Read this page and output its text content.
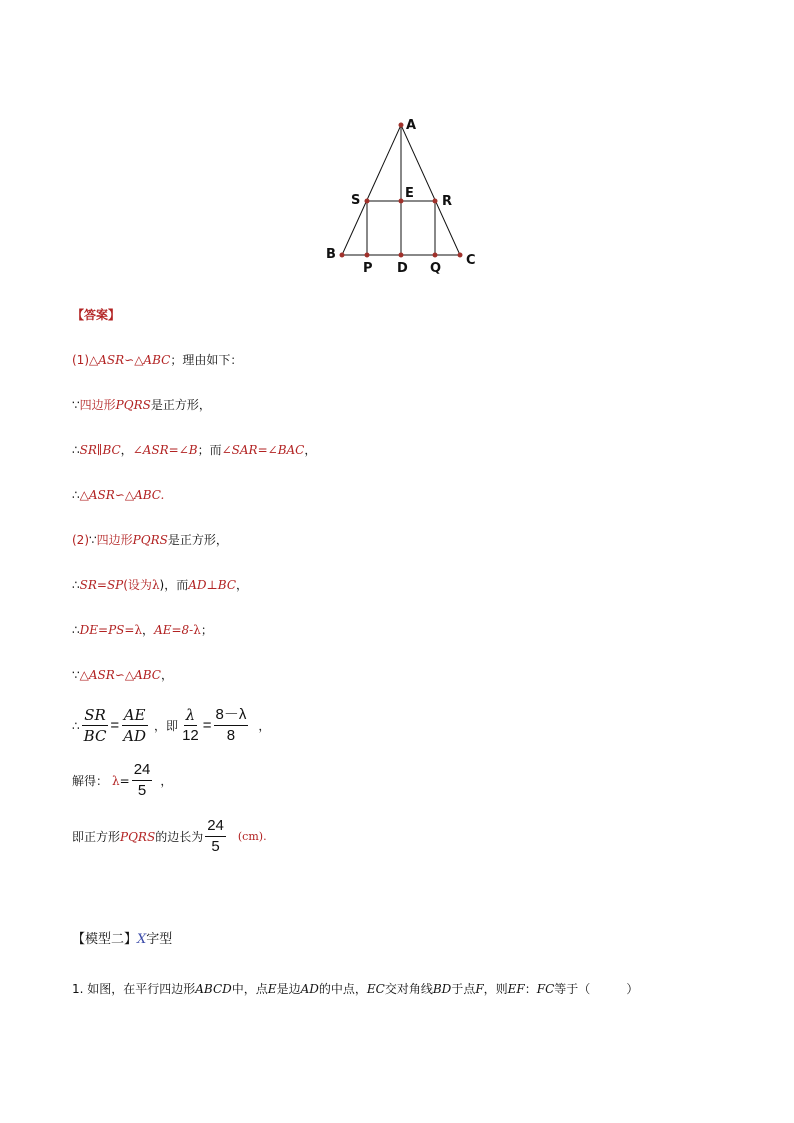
A
S	E
R
B
P D Q
C
【答案】
(1)△ASR∽△ABC；理由如下：
∵四边形PQRS是正方形，
∴SR∥BC，∠ASR=∠B；而∠SAR=∠BAC，
∴△ASR∽△ABC.
(2)∵四边形PQRS是正方形，
∴SR=SP(设为λ)，而AD⊥BC，
∴DE=PS=λ，AE=8-λ；
∵△ASR∽△ABC，
∴ $\frac{SR}{BC} = \frac{AE}{AD}$ ，即 $\frac{\lambda}{12} = \frac{8-\lambda}{8}$ ，
解得： $\lambda = \frac{24}{5}$ ，
即正方形 PQRS 的边长为 $\frac{24}{5} (cm)$.
【模型二】X字型
1. 如图，在平行四边形ABCD中，点E是边AD的中点，EC交对角线BD于点F，则EF：FC等于（　　　）
